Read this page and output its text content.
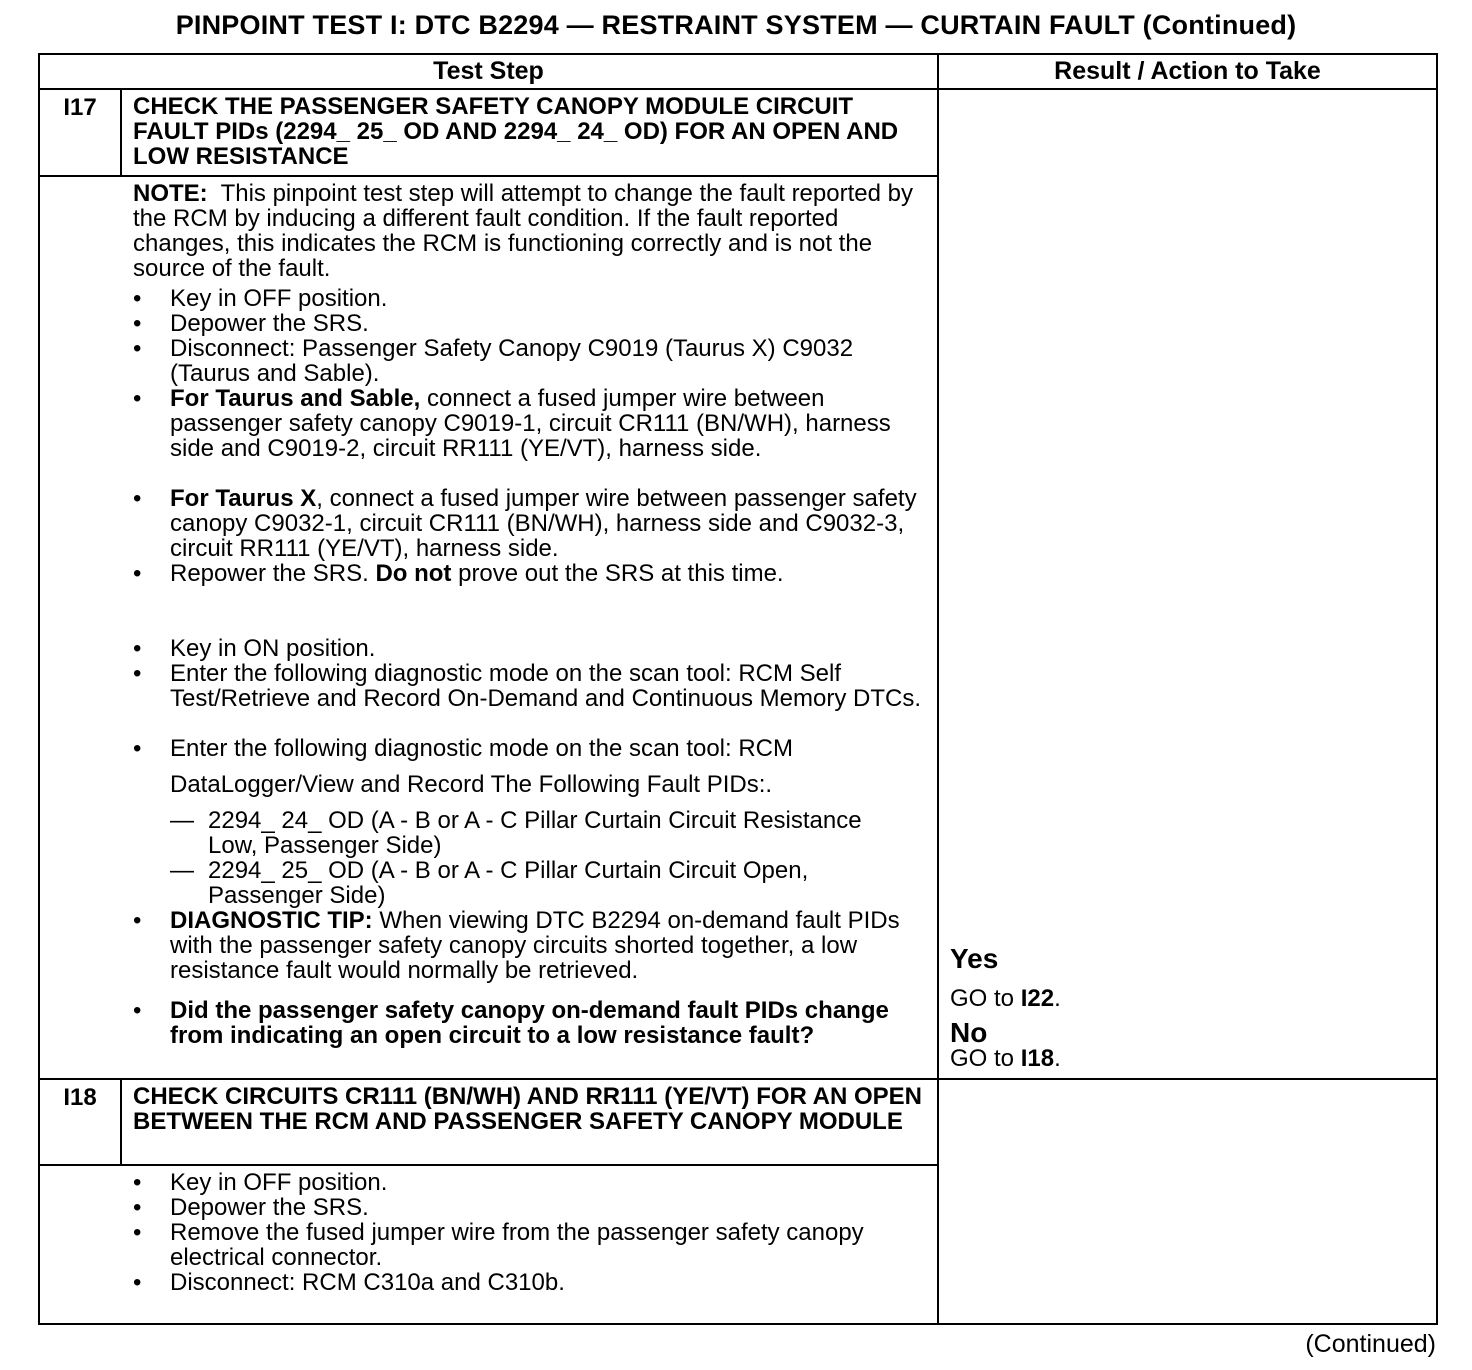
PINPOINT TEST I: DTC B2294 — RESTRAINT SYSTEM — CURTAIN FAULT (Continued)
Test Step	Result / Action to Take
I17	CHECK THE PASSENGER SAFETY CANOPY MODULE CIRCUIT FAULT PIDs (2294_ 25_ OD AND 2294_ 24_ OD) FOR AN OPEN AND LOW RESISTANCE
NOTE: This pinpoint test step will attempt to change the fault reported by the RCM by inducing a different fault condition. If the fault reported changes, this indicates the RCM is functioning correctly and is not the source of the fault.
Key in OFF position.
Depower the SRS.
Disconnect: Passenger Safety Canopy C9019 (Taurus X) C9032 (Taurus and Sable).
For Taurus and Sable, connect a fused jumper wire between passenger safety canopy C9019-1, circuit CR111 (BN/WH), harness side and C9019-2, circuit RR111 (YE/VT), harness side.
For Taurus X, connect a fused jumper wire between passenger safety canopy C9032-1, circuit CR111 (BN/WH), harness side and C9032-3, circuit RR111 (YE/VT), harness side.
Repower the SRS. Do not prove out the SRS at this time.
Key in ON position.
Enter the following diagnostic mode on the scan tool: RCM Self Test/Retrieve and Record On-Demand and Continuous Memory DTCs.
Enter the following diagnostic mode on the scan tool: RCM
DataLogger/View and Record The Following Fault PIDs:.
— 2294_ 24_ OD (A - B or A - C Pillar Curtain Circuit Resistance Low, Passenger Side)
— 2294_ 25_ OD (A - B or A - C Pillar Curtain Circuit Open, Passenger Side)
DIAGNOSTIC TIP: When viewing DTC B2294 on-demand fault PIDs with the passenger safety canopy circuits shorted together, a low resistance fault would normally be retrieved.
Did the passenger safety canopy on-demand fault PIDs change from indicating an open circuit to a low resistance fault?
Yes
GO to I22.
No
GO to I18.
I18	CHECK CIRCUITS CR111 (BN/WH) AND RR111 (YE/VT) FOR AN OPEN BETWEEN THE RCM AND PASSENGER SAFETY CANOPY MODULE
Key in OFF position.
Depower the SRS.
Remove the fused jumper wire from the passenger safety canopy electrical connector.
Disconnect: RCM C310a and C310b.
(Continued)
